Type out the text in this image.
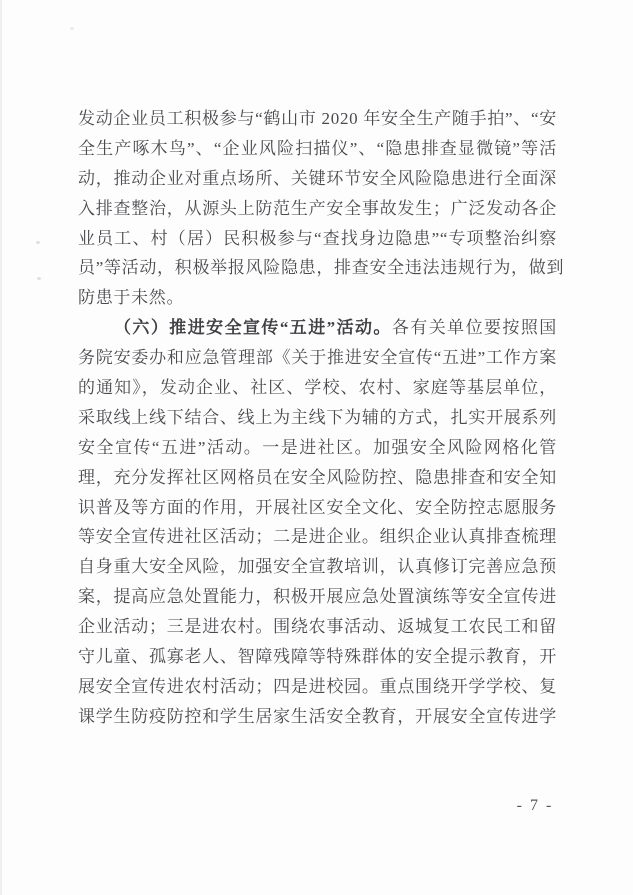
发动企业员工积极参与“鹤山市 2020 年安全生产随手拍”、“安
全生产啄木鸟”、“企业风险扫描仪”、“隐患排查显微镜”等活
动，推动企业对重点场所、关键环节安全风险隐患进行全面深
入排查整治，从源头上防范生产安全事故发生；广泛发动各企
业员工、村（居）民积极参与“查找身边隐患”“专项整治纠察
员”等活动，积极举报风险隐患，排查安全违法违规行为，做到
防患于未然。
（六）推进安全宣传“五进”活动。各有关单位要按照国
务院安委办和应急管理部《关于推进安全宣传“五进”工作方案
的通知》，发动企业、社区、学校、农村、家庭等基层单位，
采取线上线下结合、线上为主线下为辅的方式，扎实开展系列
安全宣传“五进”活动。一是进社区。加强安全风险网格化管
理，充分发挥社区网格员在安全风险防控、隐患排查和安全知
识普及等方面的作用，开展社区安全文化、安全防控志愿服务
等安全宣传进社区活动；二是进企业。组织企业认真排查梳理
自身重大安全风险，加强安全宣教培训，认真修订完善应急预
案，提高应急处置能力，积极开展应急处置演练等安全宣传进
企业活动；三是进农村。围绕农事活动、返城复工农民工和留
守儿童、孤寡老人、智障残障等特殊群体的安全提示教育，开
展安全宣传进农村活动；四是进校园。重点围绕开学学校、复
课学生防疫防控和学生居家生活安全教育，开展安全宣传进学
- 7 -
